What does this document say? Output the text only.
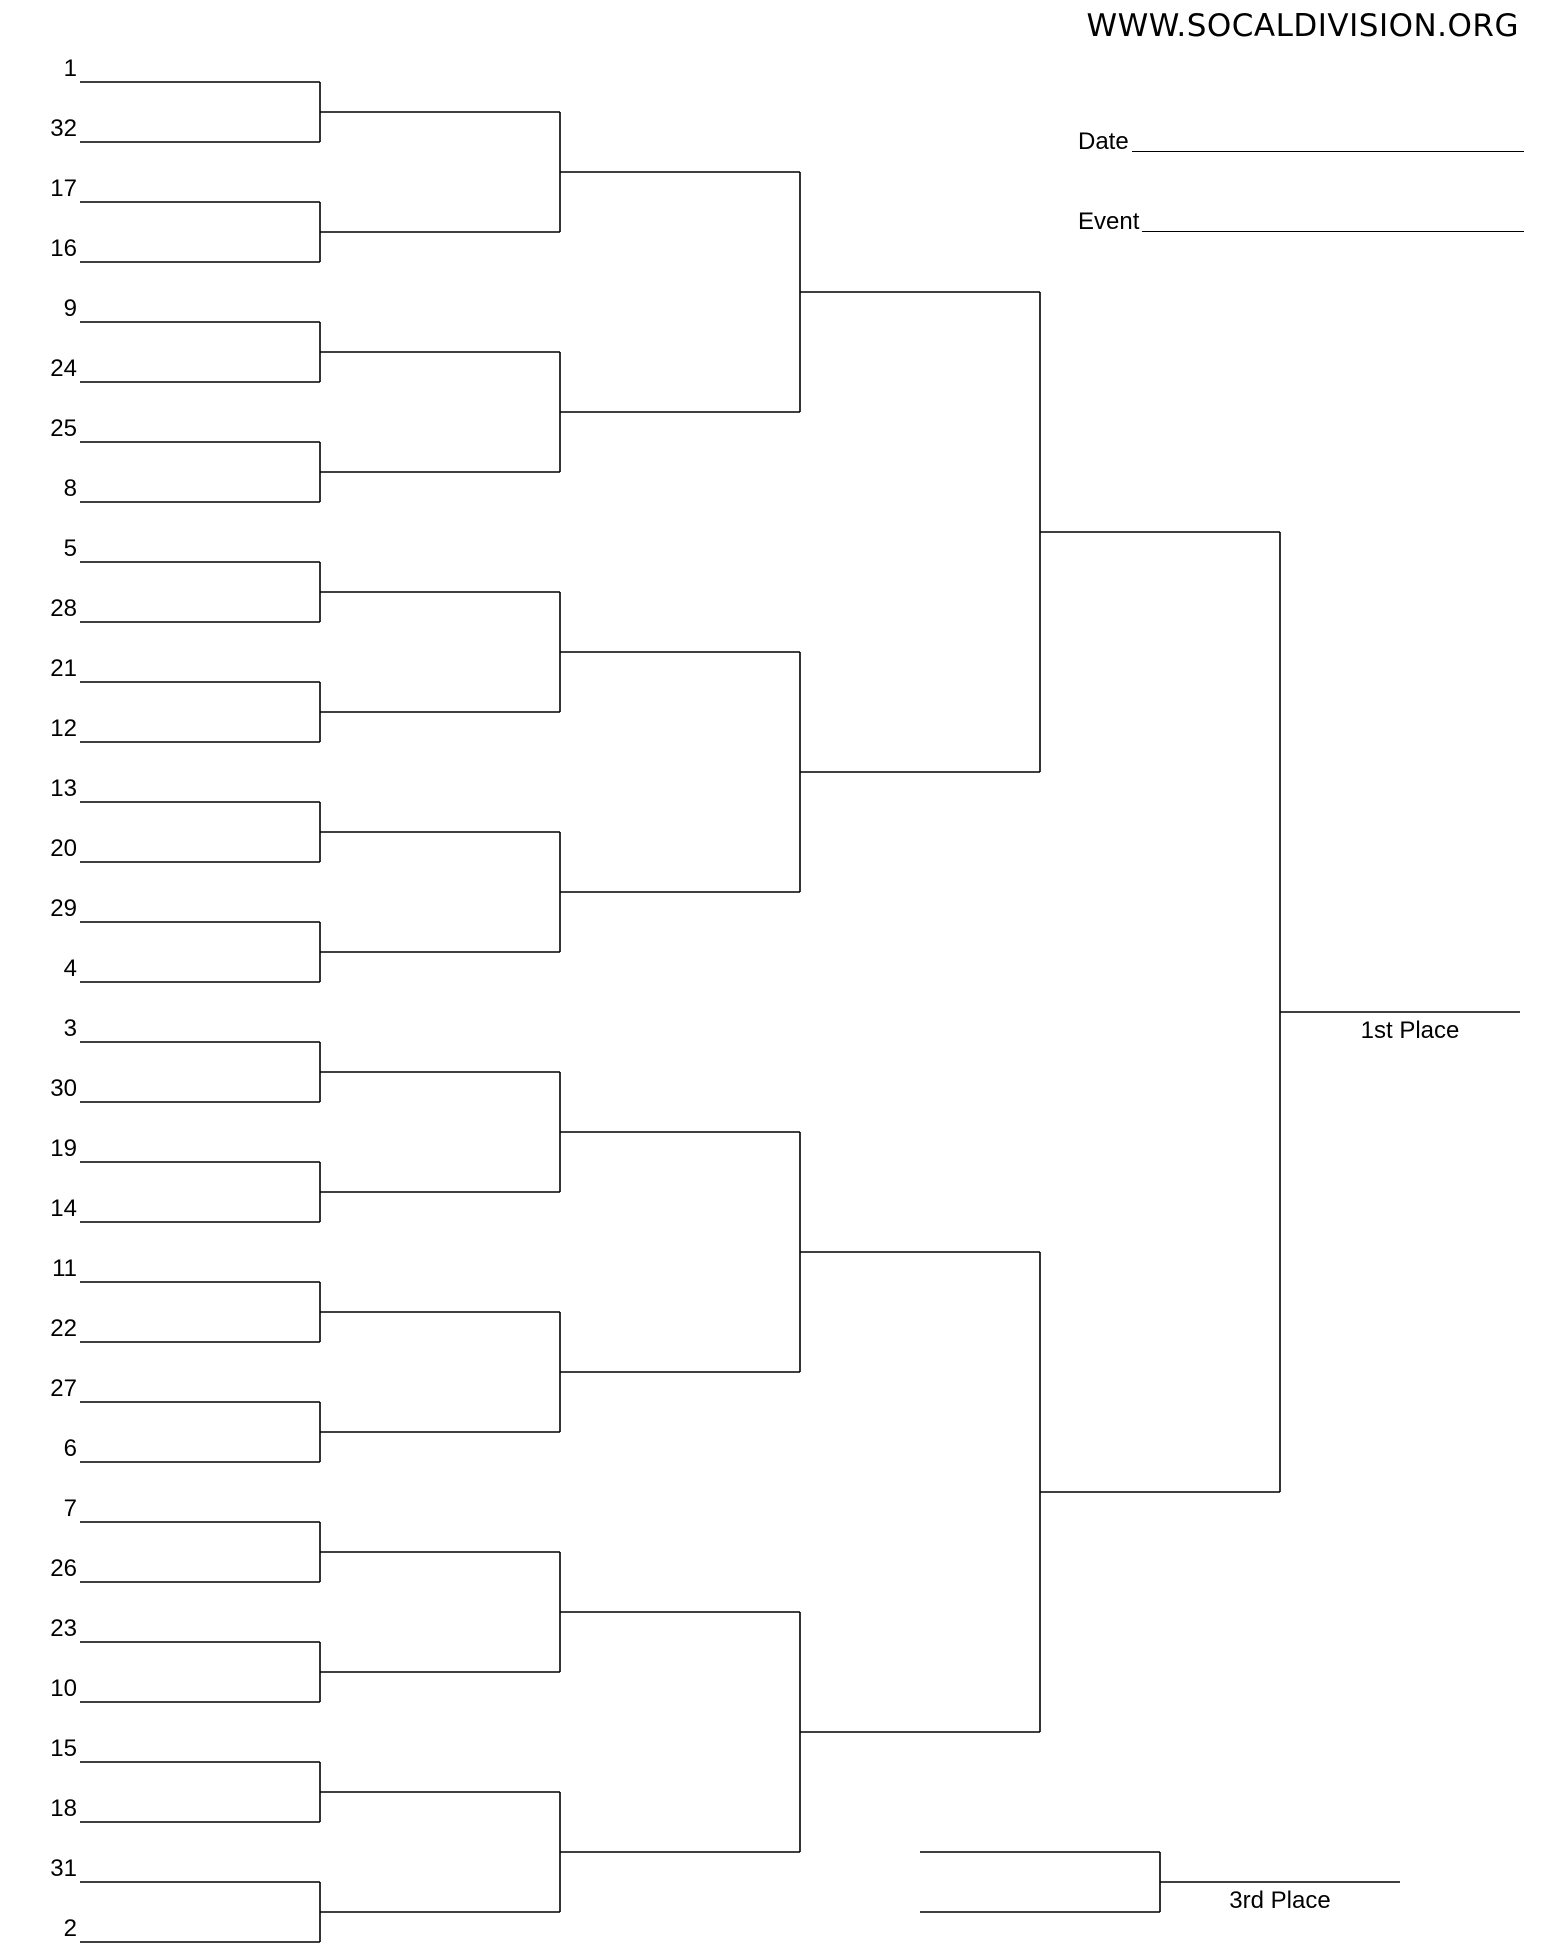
WWW.SOCALDIVISION.ORG
Date
Event
1
32
17
16
9
24
25
8
5
28
21
12
13
20
29
4
3
30
19
14
11
22
27
6
7
26
23
10
15
18
31
2
1st Place
3rd Place
